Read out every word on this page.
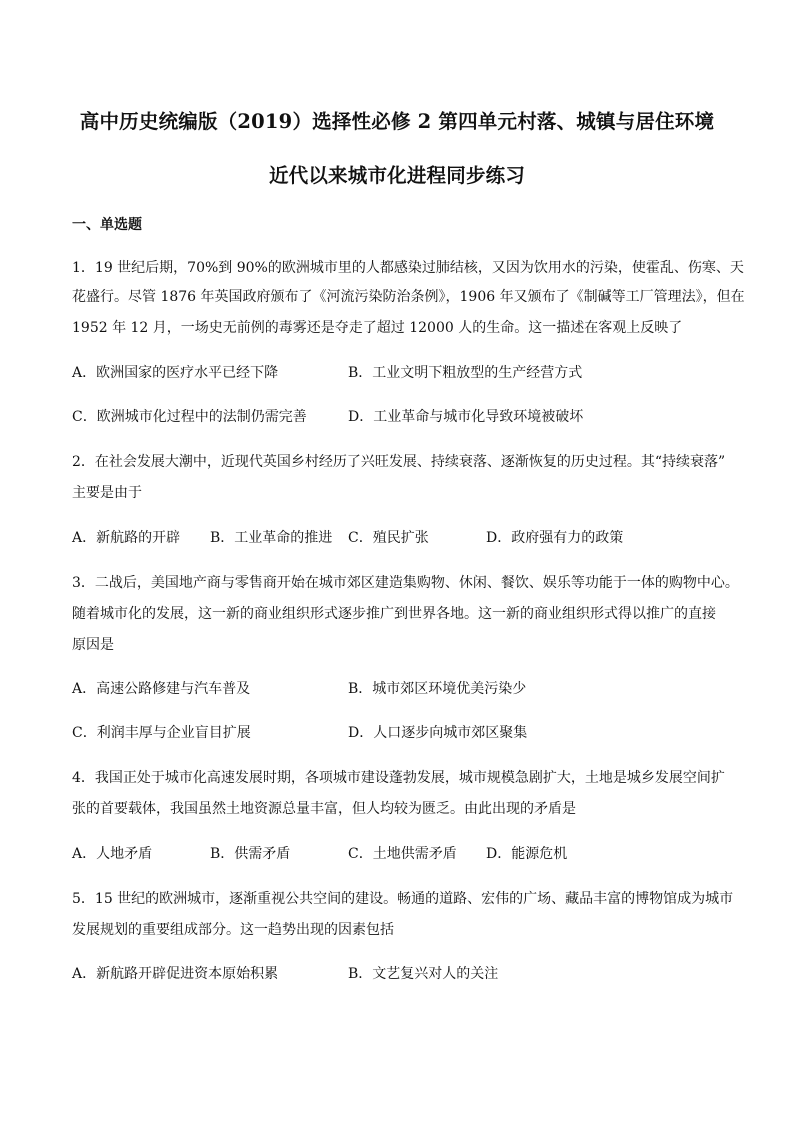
高中历史统编版（2019）选择性必修 2 第四单元村落、城镇与居住环境
近代以来城市化进程同步练习
一、单选题
1．19 世纪后期，70%到 90%的欧洲城市里的人都感染过肺结核，又因为饮用水的污染，使霍乱、伤寒、天
花盛行。尽管 1876 年英国政府颁布了《河流污染防治条例》，1906 年又颁布了《制碱等工厂管理法》，但在
1952 年 12 月，一场史无前例的毒雾还是夺走了超过 12000 人的生命。这一描述在客观上反映了
A．欧洲国家的医疗水平已经下降	B．工业文明下粗放型的生产经营方式
C．欧洲城市化过程中的法制仍需完善	D．工业革命与城市化导致环境被破坏
2．在社会发展大潮中，近现代英国乡村经历了兴旺发展、持续衰落、逐渐恢复的历史过程。其“持续衰落”
主要是由于
A．新航路的开辟 B．工业革命的推进 C．殖民扩张	D．政府强有力的政策
3．二战后，美国地产商与零售商开始在城市郊区建造集购物、休闲、餐饮、娱乐等功能于一体的购物中心。
随着城市化的发展，这一新的商业组织形式逐步推广到世界各地。这一新的商业组织形式得以推广的直接
原因是
A．高速公路修建与汽车普及	B．城市郊区环境优美污染少
C．利润丰厚与企业盲目扩展	D．人口逐步向城市郊区聚集
4．我国正处于城市化高速发展时期，各项城市建设蓬勃发展，城市规模急剧扩大，土地是城乡发展空间扩
张的首要载体，我国虽然土地资源总量丰富，但人均较为匮乏。由此出现的矛盾是
A．人地矛盾	B．供需矛盾	C．土地供需矛盾 D．能源危机
5．15 世纪的欧洲城市，逐渐重视公共空间的建设。畅通的道路、宏伟的广场、藏品丰富的博物馆成为城市
发展规划的重要组成部分。这一趋势出现的因素包括
A．新航路开辟促进资本原始积累	B．文艺复兴对人的关注
